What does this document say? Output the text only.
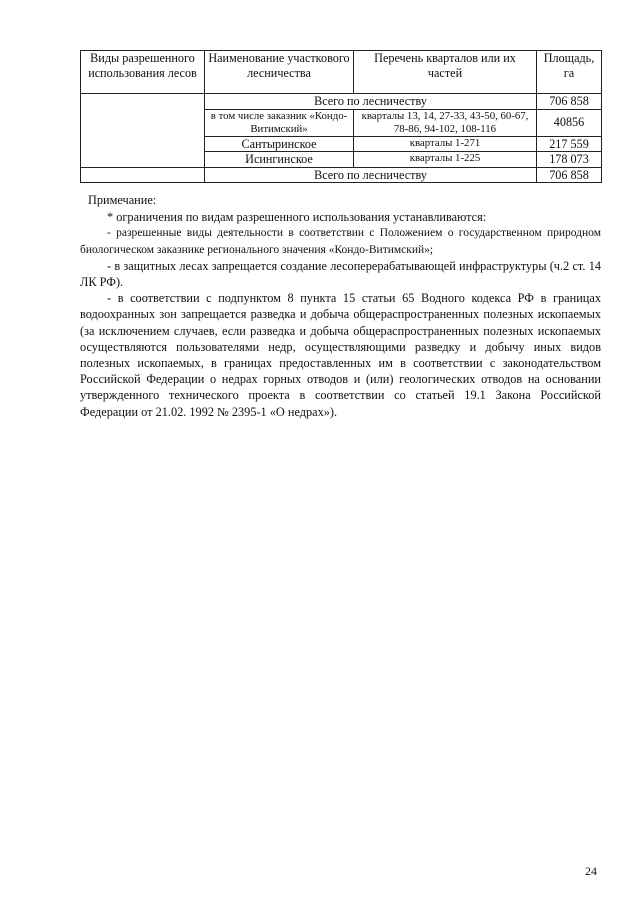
Виды разрешенного использования лесов	Наименование участкового лесничества	Перечень кварталов или их частей	Площадь, га
	Всего по лесничеству		706 858
	в том числе заказник «Кондо-Витимский»	кварталы 13, 14, 27-33, 43-50, 60-67, 78-86, 94-102, 108-116	40856
	Сантыринское	кварталы 1-271	217 559
	Исингинское	кварталы 1-225	178 073
	Всего по лесничеству		706 858

Примечание:

* ограничения по видам разрешенного использования устанавливаются:

- разрешенные виды деятельности в соответствии с Положением о государственном природном биологическом заказнике регионального значения «Кондо-Витимский»;

- в защитных лесах запрещается создание лесоперерабатывающей инфраструктуры (ч.2 ст. 14 ЛК РФ).

- в соответствии с подпунктом 8 пункта 15 статьи 65 Водного кодекса РФ в границах водоохранных зон запрещается разведка и добыча общераспространенных полезных ископаемых (за исключением случаев, если разведка и добыча общераспространенных полезных ископаемых осуществляются пользователями недр, осуществляющими разведку и добычу иных видов полезных ископаемых, в границах предоставленных им в соответствии с законодательством Российской Федерации о недрах горных отводов и (или) геологических отводов на основании утвержденного технического проекта в соответствии со статьей 19.1 Закона Российской Федерации от 21.02. 1992 № 2395-1 «О недрах»).

24
